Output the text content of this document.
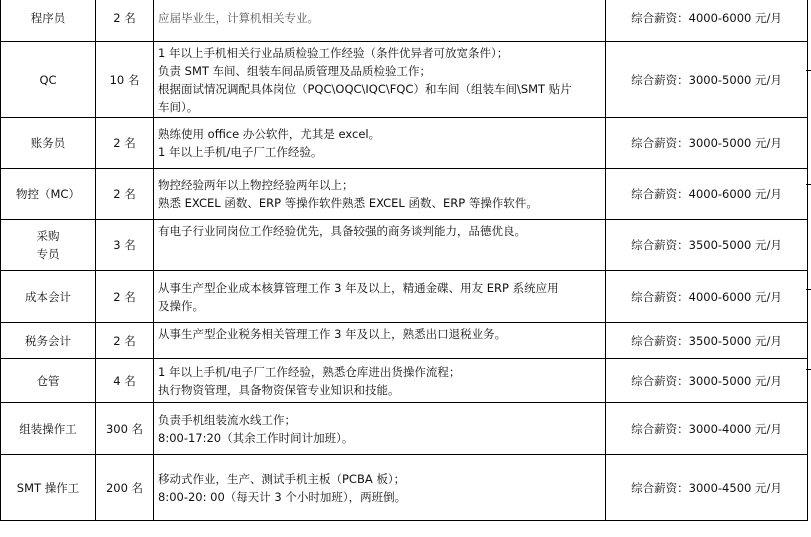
程序员	2 名	应届毕业生，计算机相关专业。	综合薪资：4000-6000 元/月

QC	10 名	1 年以上手机相关行业品质检验工作经验（条件优异者可放宽条件）；
负责 SMT 车间、组装车间品质管理及品质检验工作；
根据面试情况调配具体岗位（PQC\OQC\IQC\FQC）和车间（组装车间\SMT 贴片
车间）。	综合薪资：3000-5000 元/月

账务员	2 名	熟练使用 office 办公软件，尤其是 excel。
1 年以上手机/电子厂工作经验。	综合薪资：3000-5000 元/月

物控（MC）	2 名	物控经验两年以上物控经验两年以上；
熟悉 EXCEL 函数、ERP 等操作软件熟悉 EXCEL 函数、ERP 等操作软件。	综合薪资：4000-6000 元/月

采购
专员	3 名	有电子行业同岗位工作经验优先，具备较强的商务谈判能力，品德优良。	综合薪资：3500-5000 元/月

成本会计	2 名	从事生产型企业成本核算管理工作 3 年及以上，精通金碟、用友 ERP 系统应用
及操作。	综合薪资：4000-6000 元/月

税务会计	2 名	从事生产型企业税务相关管理工作 3 年及以上，熟悉出口退税业务。	综合薪资：3500-5000 元/月

仓管	4 名	1 年以上手机/电子厂工作经验，熟悉仓库进出货操作流程；
执行物资管理，具备物资保管专业知识和技能。	综合薪资：3000-5000 元/月

组装操作工	300 名	负责手机组装流水线工作；
8:00-17:20（其余工作时间计加班）。	综合薪资：3000-4000 元/月

SMT 操作工	200 名	移动式作业，生产、测试手机主板（PCBA 板）；
8:00-20: 00（每天计 3 个小时加班），两班倒。	综合薪资：3000-4500 元/月
